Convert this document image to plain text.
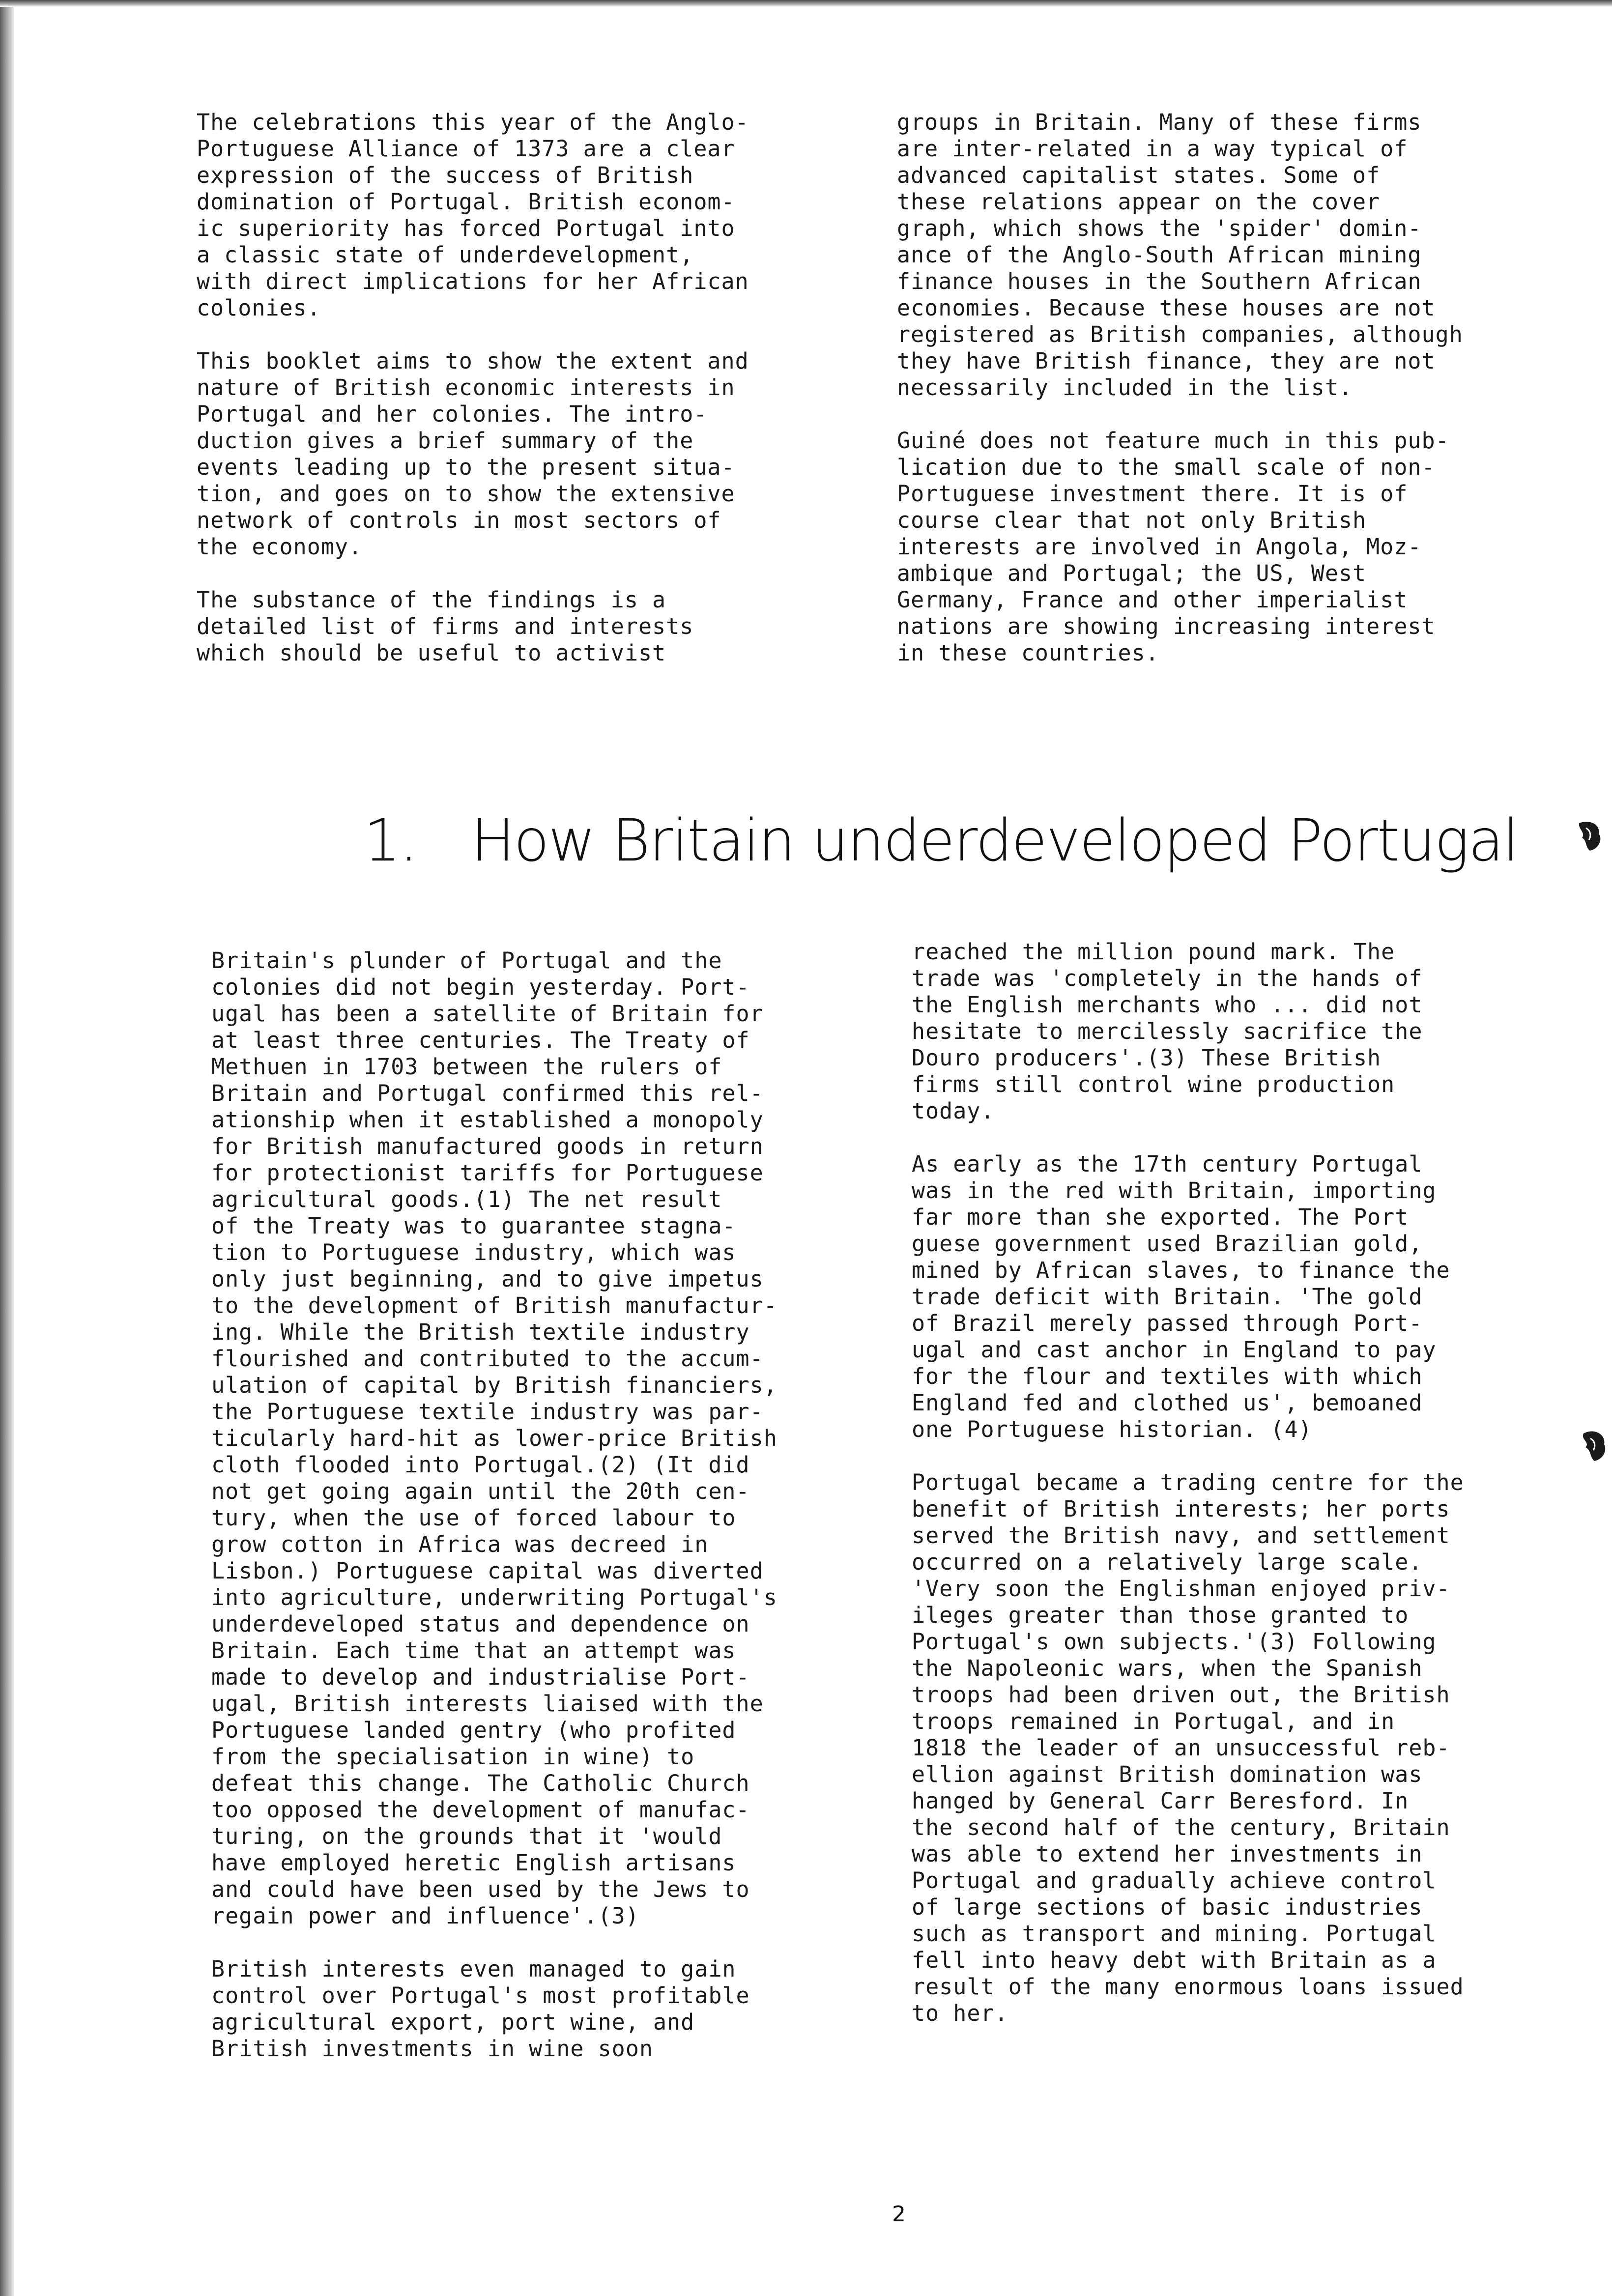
The celebrations this year of the Anglo-
Portuguese Alliance of 1373 are a clear
expression of the success of British
domination of Portugal. British econom-
ic superiority has forced Portugal into
a classic state of underdevelopment,
with direct implications for her African
colonies.

This booklet aims to show the extent and
nature of British economic interests in
Portugal and her colonies. The intro-
duction gives a brief summary of the
events leading up to the present situa-
tion, and goes on to show the extensive
network of controls in most sectors of
the economy.

The substance of the findings is a
detailed list of firms and interests
which should be useful to activist

groups in Britain. Many of these firms
are inter-related in a way typical of
advanced capitalist states. Some of
these relations appear on the cover
graph, which shows the 'spider' domin-
ance of the Anglo-South African mining
finance houses in the Southern African
economies. Because these houses are not
registered as British companies, although
they have British finance, they are not
necessarily included in the list.

Guiné does not feature much in this pub-
lication due to the small scale of non-
Portuguese investment there. It is of
course clear that not only British
interests are involved in Angola, Moz-
ambique and Portugal; the US, West
Germany, France and other imperialist
nations are showing increasing interest
in these countries.

1. How Britain underdeveloped Portugal

Britain's plunder of Portugal and the
colonies did not begin yesterday. Port-
ugal has been a satellite of Britain for
at least three centuries. The Treaty of
Methuen in 1703 between the rulers of
Britain and Portugal confirmed this rel-
ationship when it established a monopoly
for British manufactured goods in return
for protectionist tariffs for Portuguese
agricultural goods.(1) The net result
of the Treaty was to guarantee stagna-
tion to Portuguese industry, which was
only just beginning, and to give impetus
to the development of British manufactur-
ing. While the British textile industry
flourished and contributed to the accum-
ulation of capital by British financiers,
the Portuguese textile industry was par-
ticularly hard-hit as lower-price British
cloth flooded into Portugal.(2) (It did
not get going again until the 20th cen-
tury, when the use of forced labour to
grow cotton in Africa was decreed in
Lisbon.) Portuguese capital was diverted
into agriculture, underwriting Portugal's
underdeveloped status and dependence on
Britain. Each time that an attempt was
made to develop and industrialise Port-
ugal, British interests liaised with the
Portuguese landed gentry (who profited
from the specialisation in wine) to
defeat this change. The Catholic Church
too opposed the development of manufac-
turing, on the grounds that it 'would
have employed heretic English artisans
and could have been used by the Jews to
regain power and influence'.(3)

British interests even managed to gain
control over Portugal's most profitable
agricultural export, port wine, and
British investments in wine soon

reached the million pound mark. The
trade was 'completely in the hands of
the English merchants who ... did not
hesitate to mercilessly sacrifice the
Douro producers'.(3) These British
firms still control wine production
today.

As early as the 17th century Portugal
was in the red with Britain, importing
far more than she exported. The Port
guese government used Brazilian gold,
mined by African slaves, to finance the
trade deficit with Britain. 'The gold
of Brazil merely passed through Port-
ugal and cast anchor in England to pay
for the flour and textiles with which
England fed and clothed us', bemoaned
one Portuguese historian. (4)

Portugal became a trading centre for the
benefit of British interests; her ports
served the British navy, and settlement
occurred on a relatively large scale.
'Very soon the Englishman enjoyed priv-
ileges greater than those granted to
Portugal's own subjects.'(3) Following
the Napoleonic wars, when the Spanish
troops had been driven out, the British
troops remained in Portugal, and in
1818 the leader of an unsuccessful reb-
ellion against British domination was
hanged by General Carr Beresford. In
the second half of the century, Britain
was able to extend her investments in
Portugal and gradually achieve control
of large sections of basic industries
such as transport and mining. Portugal
fell into heavy debt with Britain as a
result of the many enormous loans issued
to her.

2
